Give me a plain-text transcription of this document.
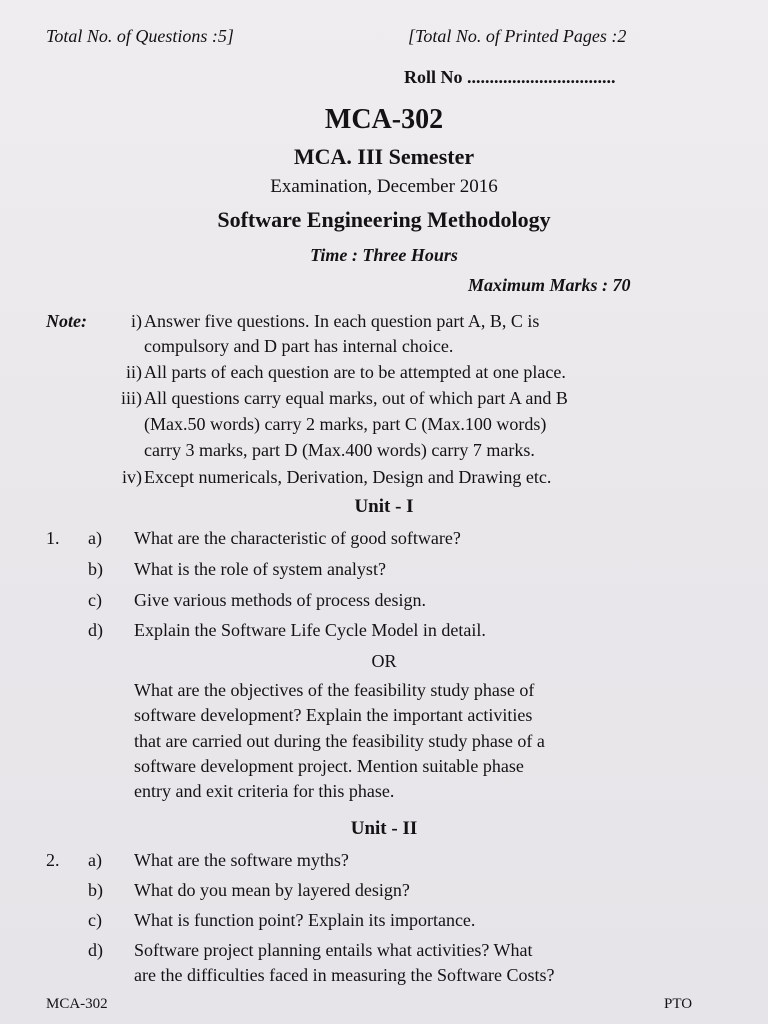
Total No. of Questions :5]	[Total No. of Printed Pages :2
Roll No .................................
MCA-302
MCA. III Semester
Examination, December 2016
Software Engineering Methodology
Time : Three Hours
Maximum Marks : 70
Note:	i) Answer five questions. In each question part A, B, C is
compulsory and D part has internal choice.
ii) All parts of each question are to be attempted at one place.
iii) All questions carry equal marks, out of which part A and B
(Max.50 words) carry 2 marks, part C (Max.100 words)
carry 3 marks, part D (Max.400 words) carry 7 marks.
iv) Except numericals, Derivation, Design and Drawing etc.
Unit - I
1. a) What are the characteristic of good software?
b) What is the role of system analyst?
c) Give various methods of process design.
d) Explain the Software Life Cycle Model in detail.
OR
What are the objectives of the feasibility study phase of
software development? Explain the important activities
that are carried out during the feasibility study phase of a
software development project. Mention suitable phase
entry and exit criteria for this phase.
Unit - II
2. a) What are the software myths?
b) What do you mean by layered design?
c) What is function point? Explain its importance.
d) Software project planning entails what activities? What
are the difficulties faced in measuring the Software Costs?
MCA-302	PTO
